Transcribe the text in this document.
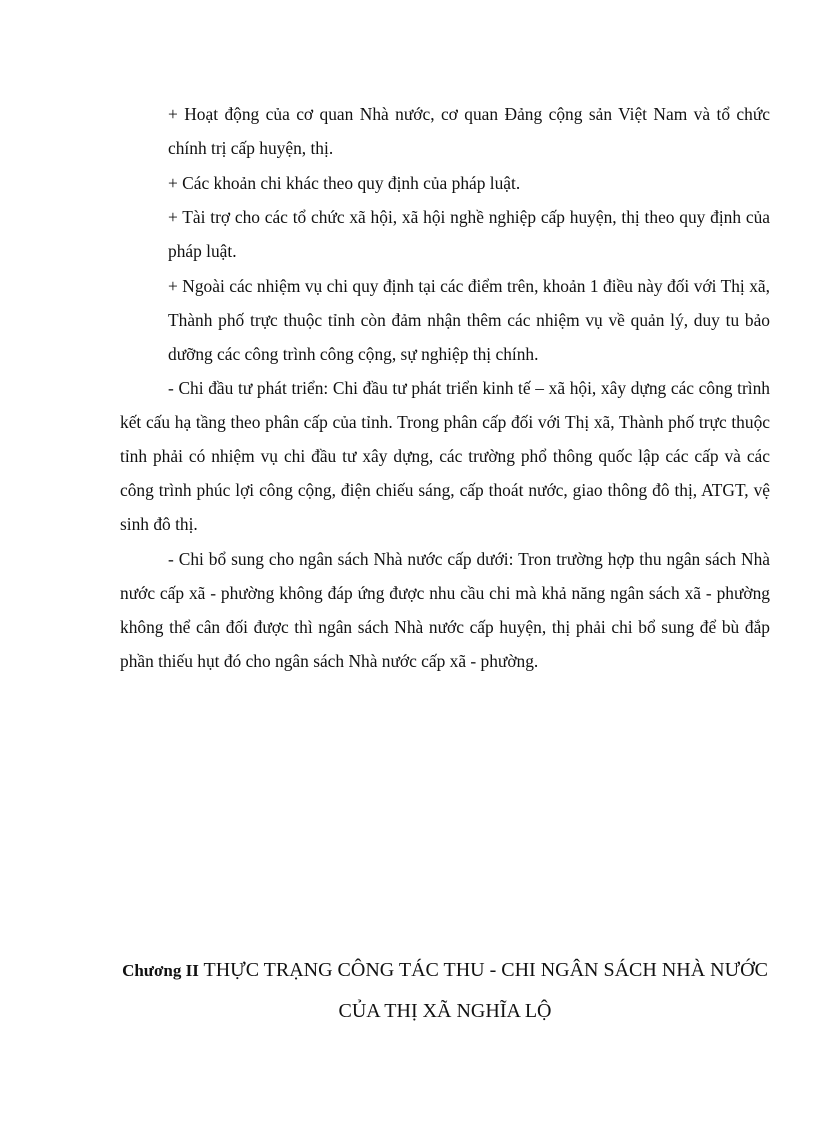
+ Hoạt động của cơ quan Nhà nước, cơ quan Đảng cộng sản Việt Nam và tổ chức chính trị cấp huyện, thị.

+ Các khoản chi khác theo quy định của pháp luật.

+ Tài trợ cho các tổ chức xã hội, xã hội nghề nghiệp cấp huyện, thị theo quy định của pháp luật.

+ Ngoài các nhiệm vụ chi quy định tại các điểm trên, khoản 1 điều này đối với Thị xã, Thành phố trực thuộc tỉnh còn đảm nhận thêm các nhiệm vụ về quản lý, duy tu bảo dưỡng các công trình công cộng, sự nghiệp thị chính.

- Chi đầu tư phát triển: Chi đầu tư phát triển kinh tế – xã hội, xây dựng các công trình kết cấu hạ tầng theo phân cấp của tỉnh. Trong phân cấp đối với Thị xã, Thành phố trực thuộc tỉnh phải có nhiệm vụ chi đầu tư xây dựng, các trường phổ thông quốc lập các cấp và các công trình phúc lợi công cộng, điện chiếu sáng, cấp thoát nước, giao thông đô thị, ATGT, vệ sinh đô thị.

- Chi bổ sung cho ngân sách Nhà nước cấp dưới: Tron trường hợp thu ngân sách Nhà nước cấp xã - phường không đáp ứng được nhu cầu chi mà khả năng ngân sách xã - phường không thể cân đối được thì ngân sách Nhà nước cấp huyện, thị phải chi bổ sung để bù đắp phần thiếu hụt đó cho ngân sách Nhà nước cấp xã - phường.

Chương II THỰC TRẠNG CÔNG TÁC THU - CHI NGÂN SÁCH NHÀ NƯỚC CỦA THỊ XÃ NGHĨA LỘ
